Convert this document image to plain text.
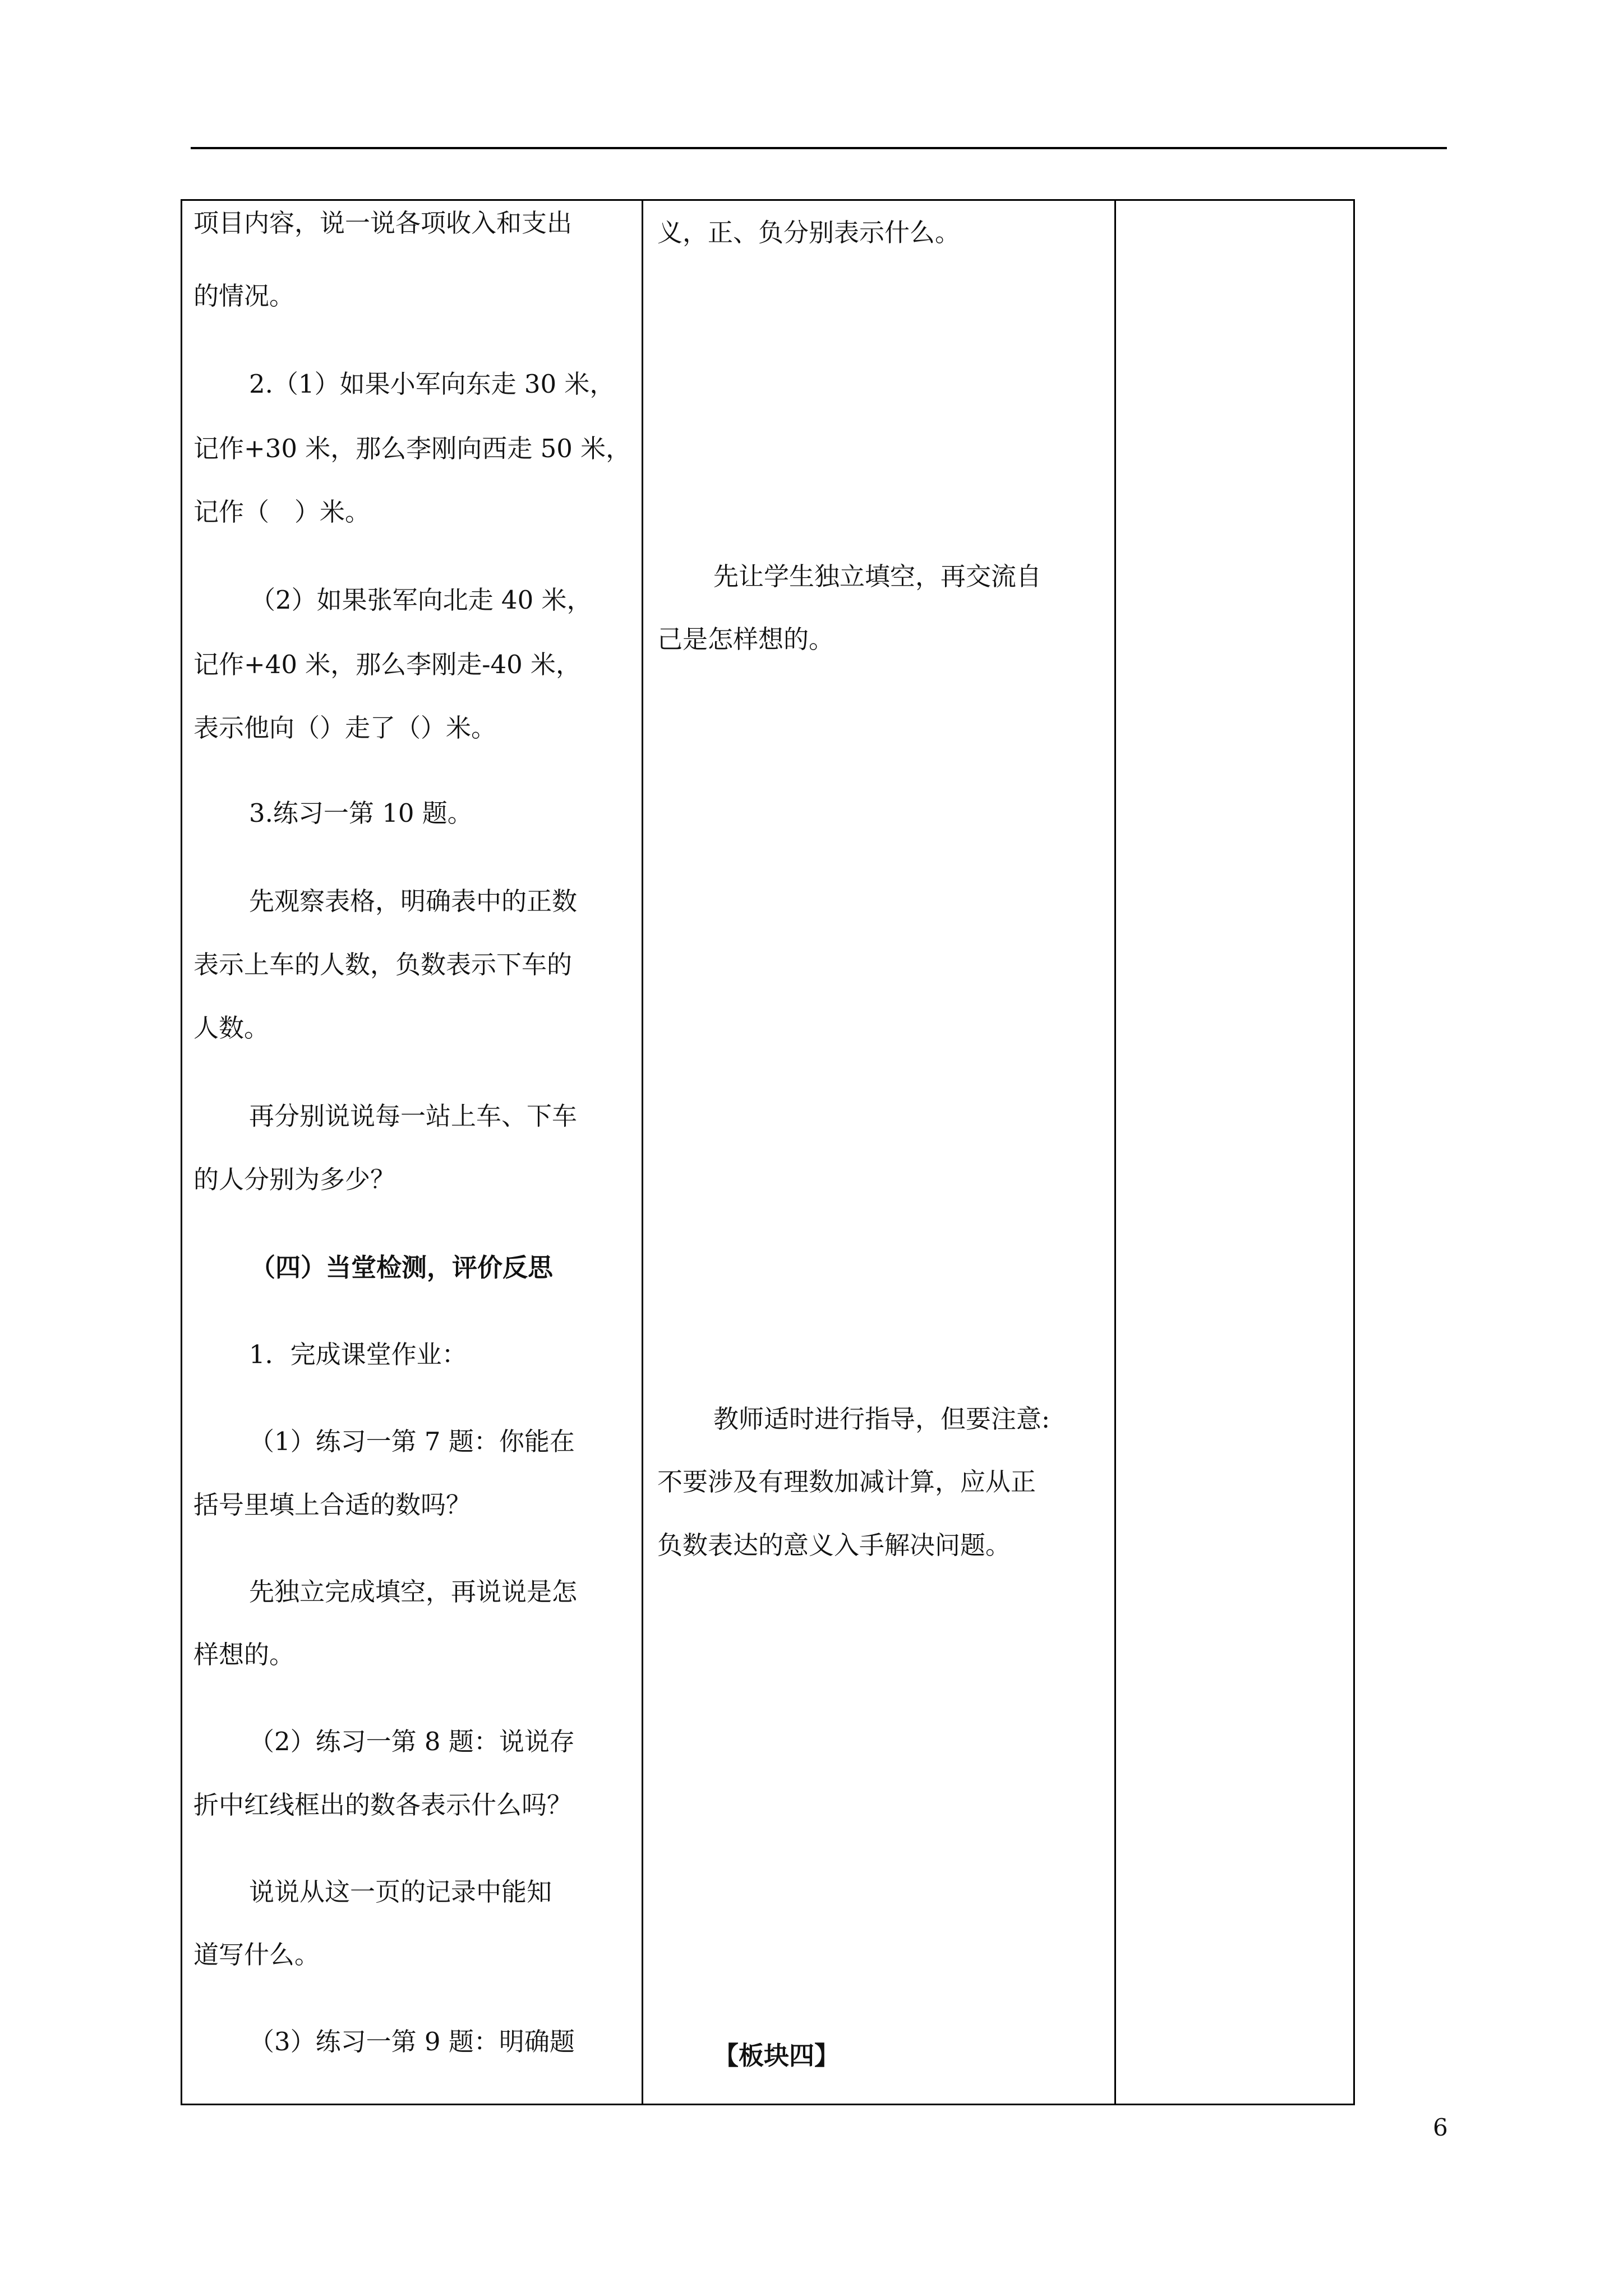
项目内容，说一说各项收入和支出
的情况。
2.（1）如果小军向东走 30 米，
记作+30 米，那么李刚向西走 50 米，
记作（　）米。
（2）如果张军向北走 40 米，
记作+40 米，那么李刚走-40 米，
表示他向（）走了（）米。
3.练习一第 10 题。
先观察表格，明确表中的正数
表示上车的人数，负数表示下车的
人数。
再分别说说每一站上车、下车
的人分别为多少？
（四）当堂检测，评价反思
1．完成课堂作业：
（1）练习一第 7 题：你能在
括号里填上合适的数吗？
先独立完成填空，再说说是怎
样想的。
（2）练习一第 8 题：说说存
折中红线框出的数各表示什么吗？
说说从这一页的记录中能知
道写什么。
（3）练习一第 9 题：明确题
义，正、负分别表示什么。
先让学生独立填空，再交流自
己是怎样想的。
教师适时进行指导，但要注意:
不要涉及有理数加减计算，应从正
负数表达的意义入手解决问题。
【板块四】
6
